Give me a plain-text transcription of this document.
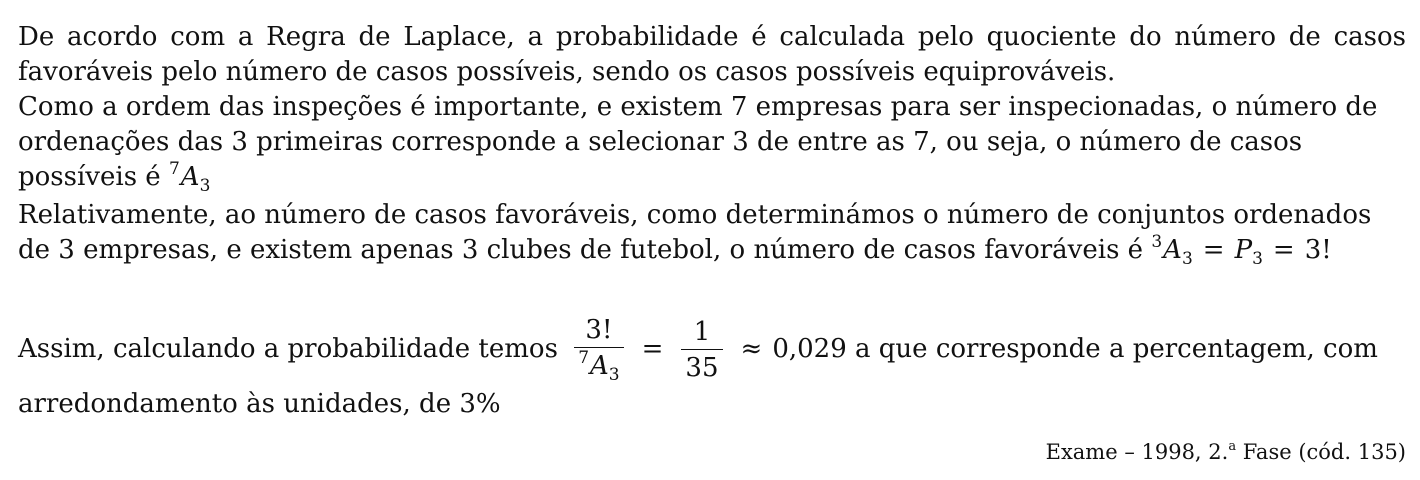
De acordo com a Regra de Laplace, a probabilidade é calculada pelo quociente do número de casos favoráveis pelo número de casos possíveis, sendo os casos possíveis equiprováveis.

Como a ordem das inspeções é importante, e existem 7 empresas para ser inspecionadas, o número de ordenações das 3 primeiras corresponde a selecionar 3 de entre as 7, ou seja, o número de casos possíveis é $^7A_3$

Relativamente, ao número de casos favoráveis, como determinámos o número de conjuntos ordenados de 3 empresas, e existem apenas 3 clubes de futebol, o número de casos favoráveis é $^3A_3 = P_3 = 3$!

Assim, calculando a probabilidade temos $\frac{3!}{^7A_3} = \frac{1}{35} \approx 0,029$ a que corresponde a percentagem, com arredondamento às unidades, de 3%

Exame – 1998, 2.$^a$ Fase (cód. 135)
